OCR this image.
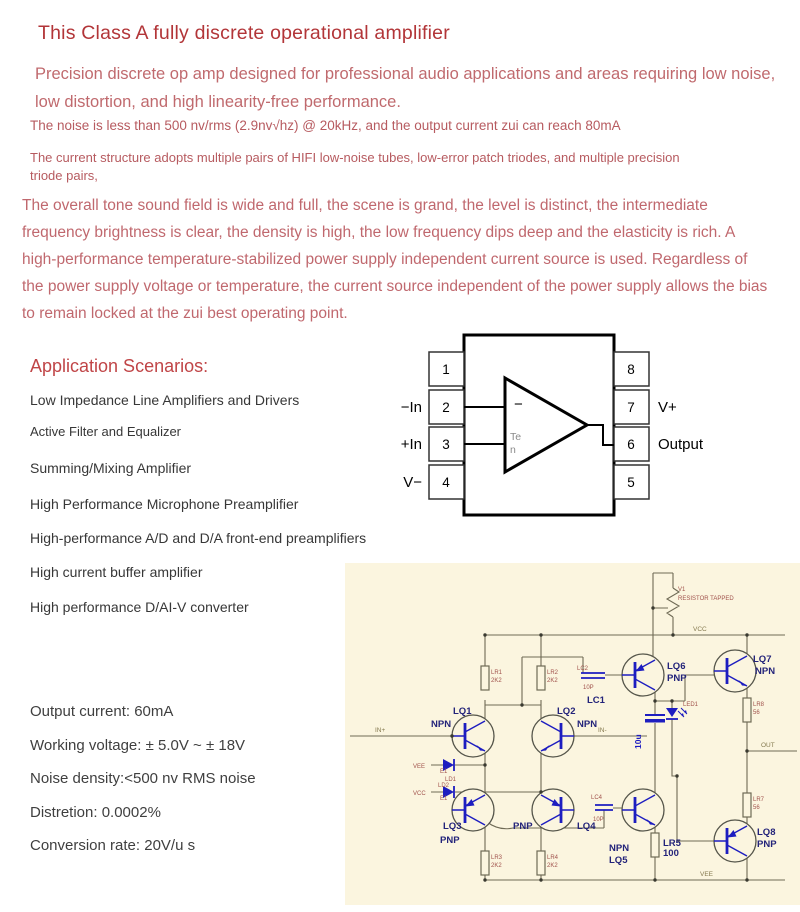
This Class A fully discrete operational amplifier

Precision discrete op amp designed for professional audio applications and areas requiring low noise, low distortion, and high linearity-free performance.

The noise is less than 500 nv/rms (2.9nv√hz) @ 20kHz, and the output current zui can reach 80mA

The current structure adopts multiple pairs of HIFI low-noise tubes, low-error patch triodes, and multiple precision triode pairs,

The overall tone sound field is wide and full, the scene is grand, the level is distinct, the intermediate frequency brightness is clear, the density is high, the low frequency dips deep and the elasticity is rich. A high-performance temperature-stabilized power supply independent current source is used. Regardless of the power supply voltage or temperature, the current source independent of the power supply allows the bias to remain locked at the zui best operating point.

Application Scenarios:
Low Impedance Line Amplifiers and Drivers
Active Filter and Equalizer
Summing/Mixing Amplifier
High Performance Microphone Preamplifier
High-performance A/D and D/A front-end preamplifiers
High current buffer amplifier
High performance D/AI-V converter
Output current: 60mA
Working voltage: ± 5.0V ~ ± 18V
Noise density:<500 nv RMS noise
Distretion: 0.0002%
Conversion rate: 20V/u s
−
Te
n
1
2
3
4
8
7
6
5
−In
+In
V−
V+
Output
V1
RESISTOR TAPPED
VCC
VEE
OUT
IN+	IN-
VEE
VCC
E1
E1
LD1
LD2
LR1
2K2
LR2
2K2
LR3
2K2
LR4
2K2
LR5
100
LR8
56
LR7
56
LQ1
NPN
LQ2
NPN
LQ3
PNP
PNP	LQ4
NPN
LQ5
LQ6
PNP
LQ7
NPN
LQ8
PNP
LC2
10P
LC1
LC4
10P
LED1
10u
